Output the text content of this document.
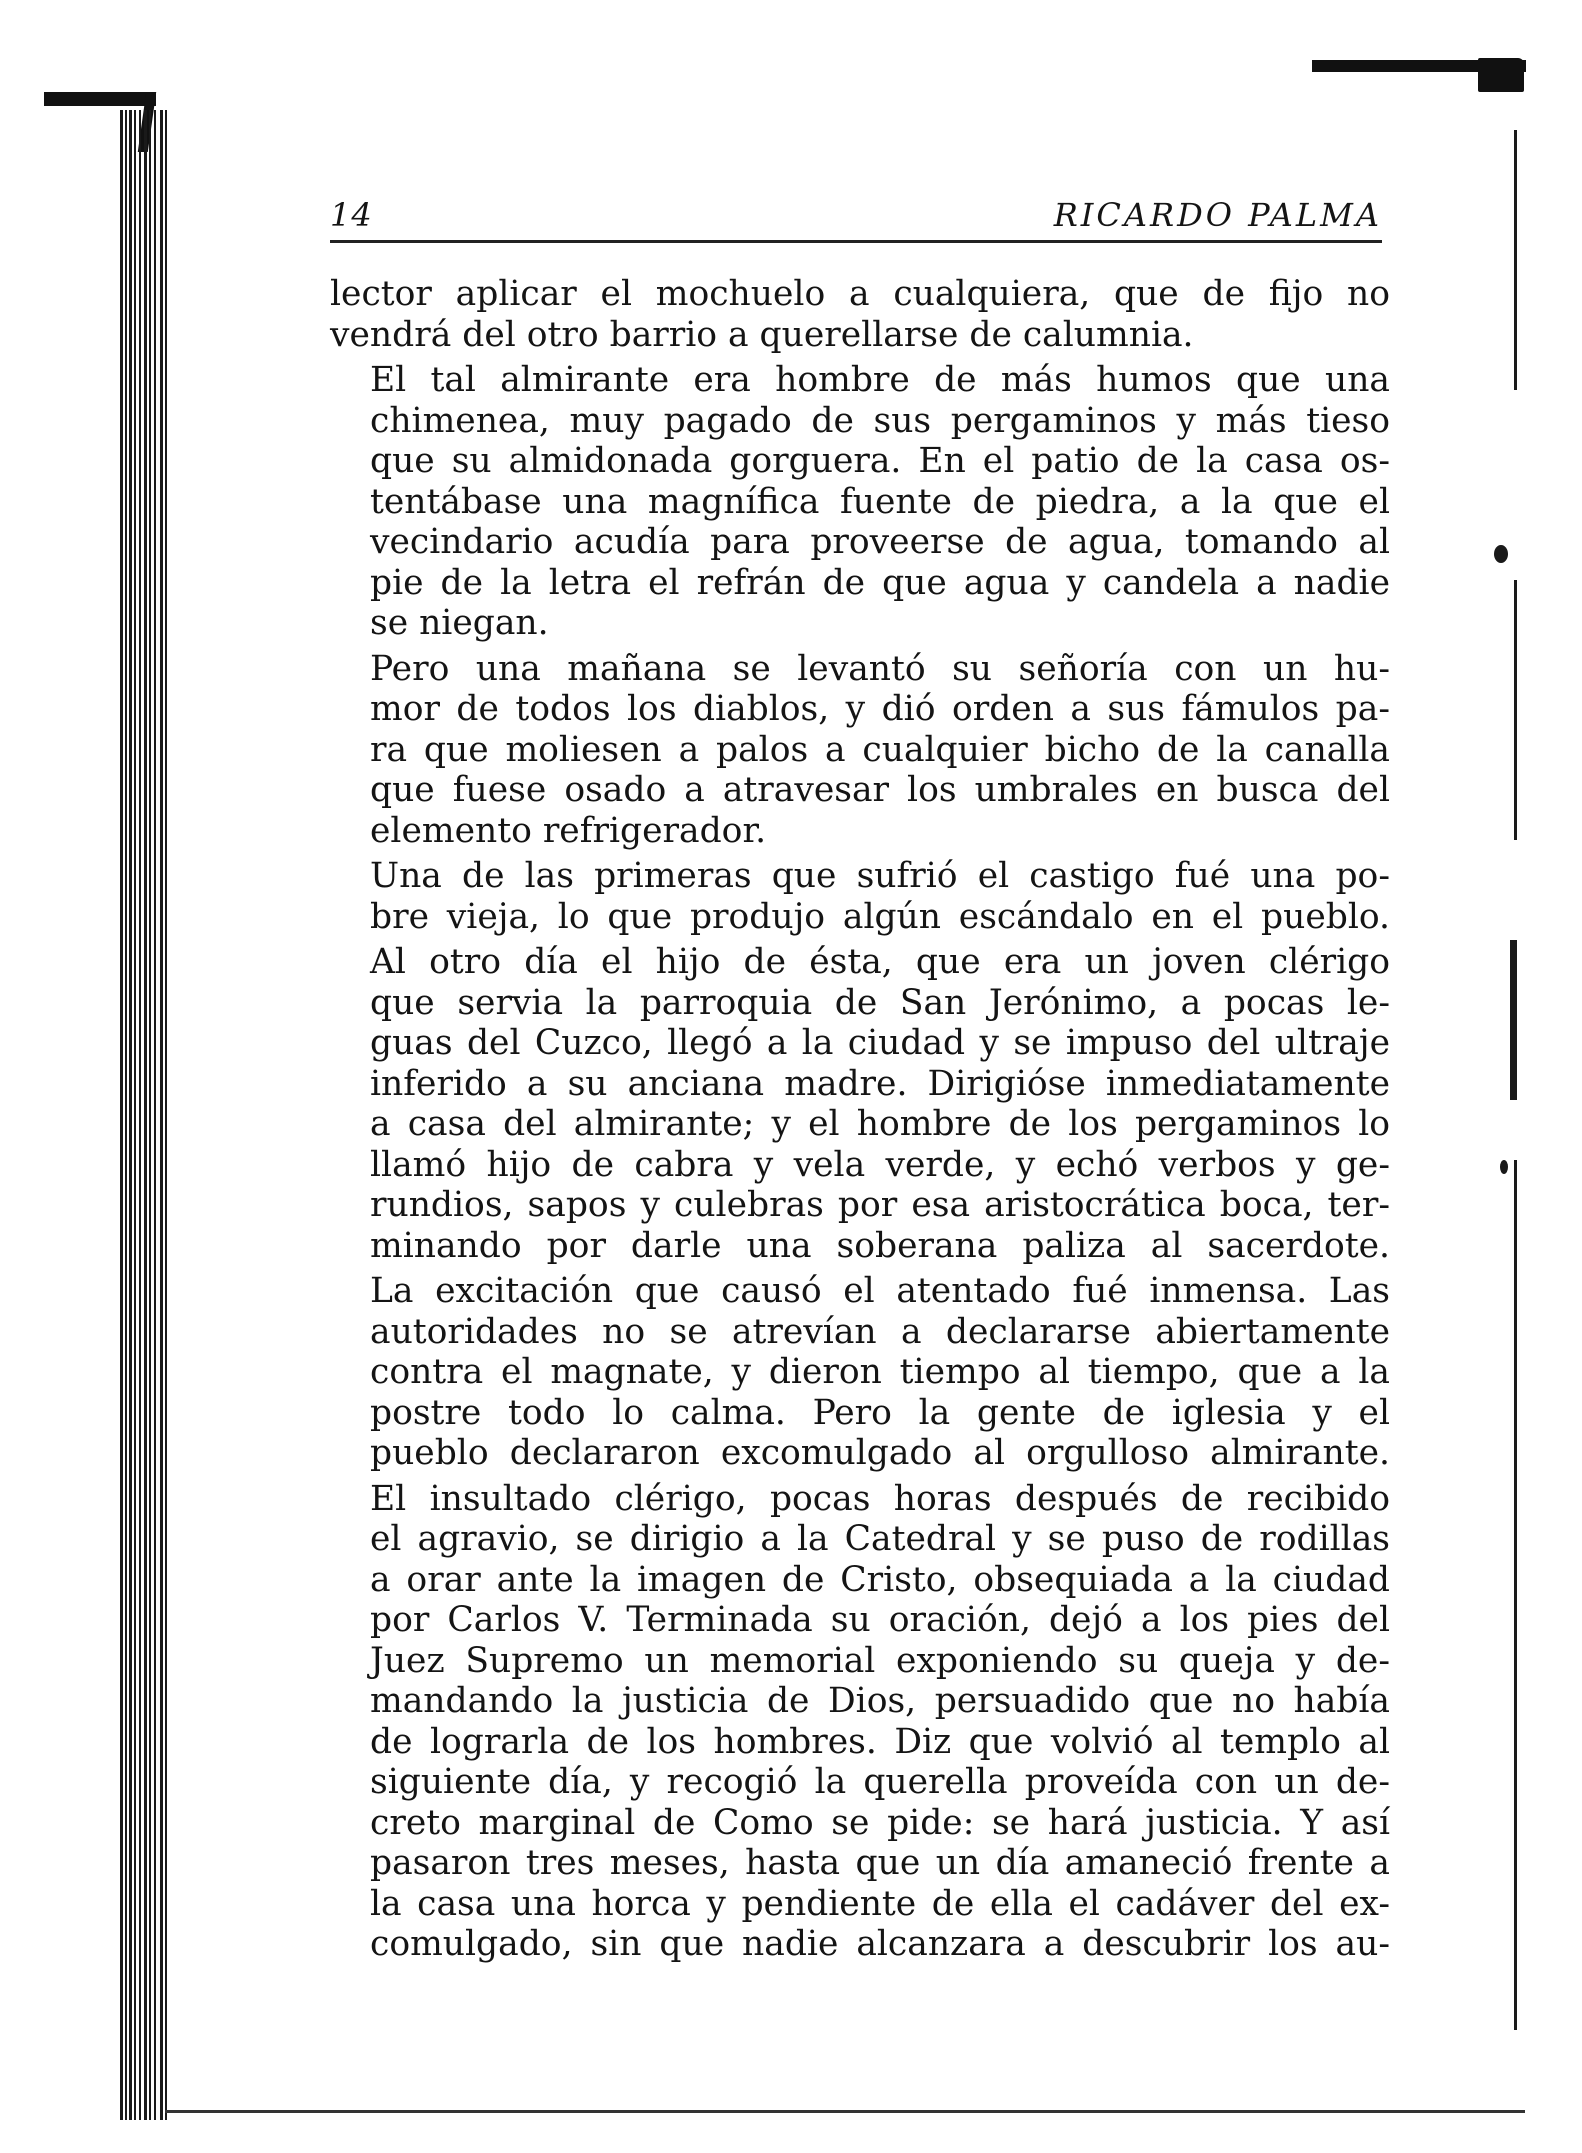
14	RICARDO PALMA

lector aplicar el mochuelo a cualquiera, que de fijo no
vendrá del otro barrio a querellarse de calumnia.

El tal almirante era hombre de más humos que una
chimenea, muy pagado de sus pergaminos y más tieso
que su almidonada gorguera. En el patio de la casa os-
tentábase una magnífica fuente de piedra, a la que el
vecindario acudía para proveerse de agua, tomando al
pie de la letra el refrán de que agua y candela a nadie
se niegan.

Pero una mañana se levantó su señoría con un hu-
mor de todos los diablos, y dió orden a sus fámulos pa-
ra que moliesen a palos a cualquier bicho de la canalla
que fuese osado a atravesar los umbrales en busca del
elemento refrigerador.

Una de las primeras que sufrió el castigo fué una po-
bre vieja, lo que produjo algún escándalo en el pueblo.

Al otro día el hijo de ésta, que era un joven clérigo
que servia la parroquia de San Jerónimo, a pocas le-
guas del Cuzco, llegó a la ciudad y se impuso del ultraje
inferido a su anciana madre. Dirigióse inmediatamente
a casa del almirante; y el hombre de los pergaminos lo
llamó hijo de cabra y vela verde, y echó verbos y ge-
rundios, sapos y culebras por esa aristocrática boca, ter-
minando por darle una soberana paliza al sacerdote.

La excitación que causó el atentado fué inmensa. Las
autoridades no se atrevían a declararse abiertamente
contra el magnate, y dieron tiempo al tiempo, que a la
postre todo lo calma. Pero la gente de iglesia y el
pueblo declararon excomulgado al orgulloso almirante.

El insultado clérigo, pocas horas después de recibido
el agravio, se dirigio a la Catedral y se puso de rodillas
a orar ante la imagen de Cristo, obsequiada a la ciudad
por Carlos V. Terminada su oración, dejó a los pies del
Juez Supremo un memorial exponiendo su queja y de-
mandando la justicia de Dios, persuadido que no había
de lograrla de los hombres. Diz que volvió al templo al
siguiente día, y recogió la querella proveída con un de-
creto marginal de Como se pide: se hará justicia. Y así
pasaron tres meses, hasta que un día amaneció frente a
la casa una horca y pendiente de ella el cadáver del ex-
comulgado, sin que nadie alcanzara a descubrir los au-
